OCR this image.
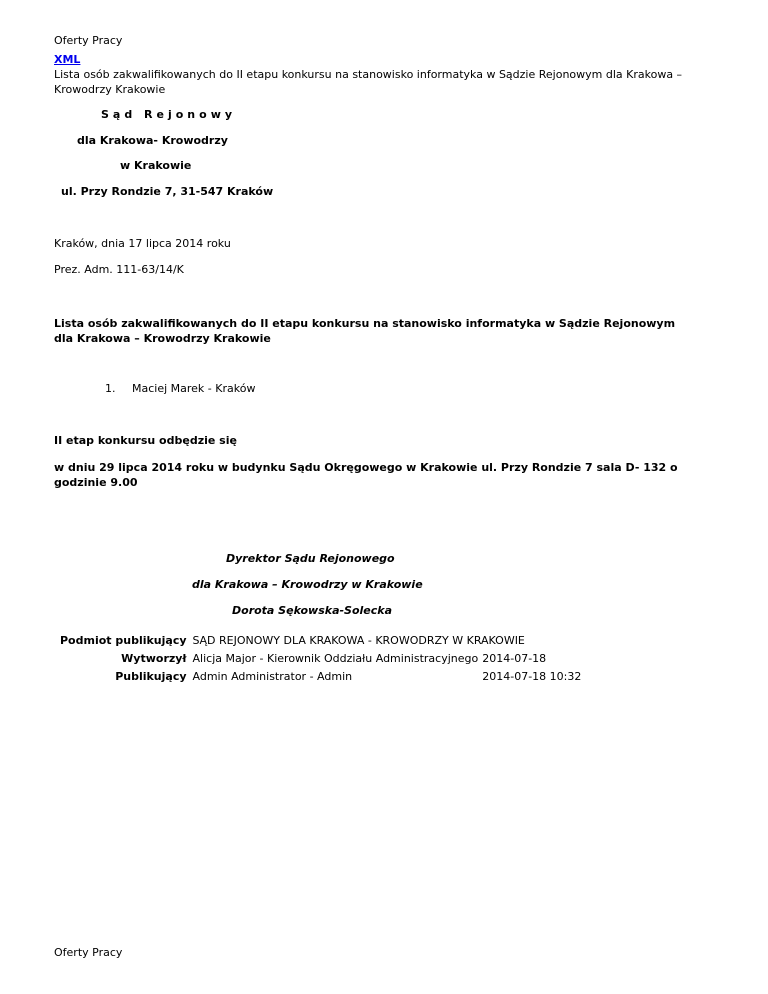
Oferty Pracy
XML
Lista osób zakwalifikowanych do II etapu konkursu na stanowisko informatyka w Sądzie Rejonowym dla Krakowa – Krowodrzy Krakowie
Sąd Rejonowy
dla Krakowa- Krowodrzy
w Krakowie
ul. Przy Rondzie 7, 31-547 Kraków
Kraków, dnia 17 lipca 2014 roku
Prez. Adm. 111-63/14/K
Lista osób zakwalifikowanych do II etapu konkursu na stanowisko informatyka w Sądzie Rejonowym dla Krakowa – Krowodrzy Krakowie
1. Maciej Marek - Kraków
II etap konkursu odbędzie się
w dniu 29 lipca 2014 roku w budynku Sądu Okręgowego w Krakowie ul. Przy Rondzie 7 sala D- 132 o godzinie 9.00
Dyrektor Sądu Rejonowego
dla Krakowa – Krowodrzy w Krakowie
Dorota Sękowska-Solecka
Podmiot publikujący	SĄD REJONOWY DLA KRAKOWA - KROWODRZY W KRAKOWIE	
Wytworzył	Alicja Major - Kierownik Oddziału Administracyjnego	2014-07-18
Publikujący	Admin Administrator - Admin	2014-07-18 10:32
Oferty Pracy
